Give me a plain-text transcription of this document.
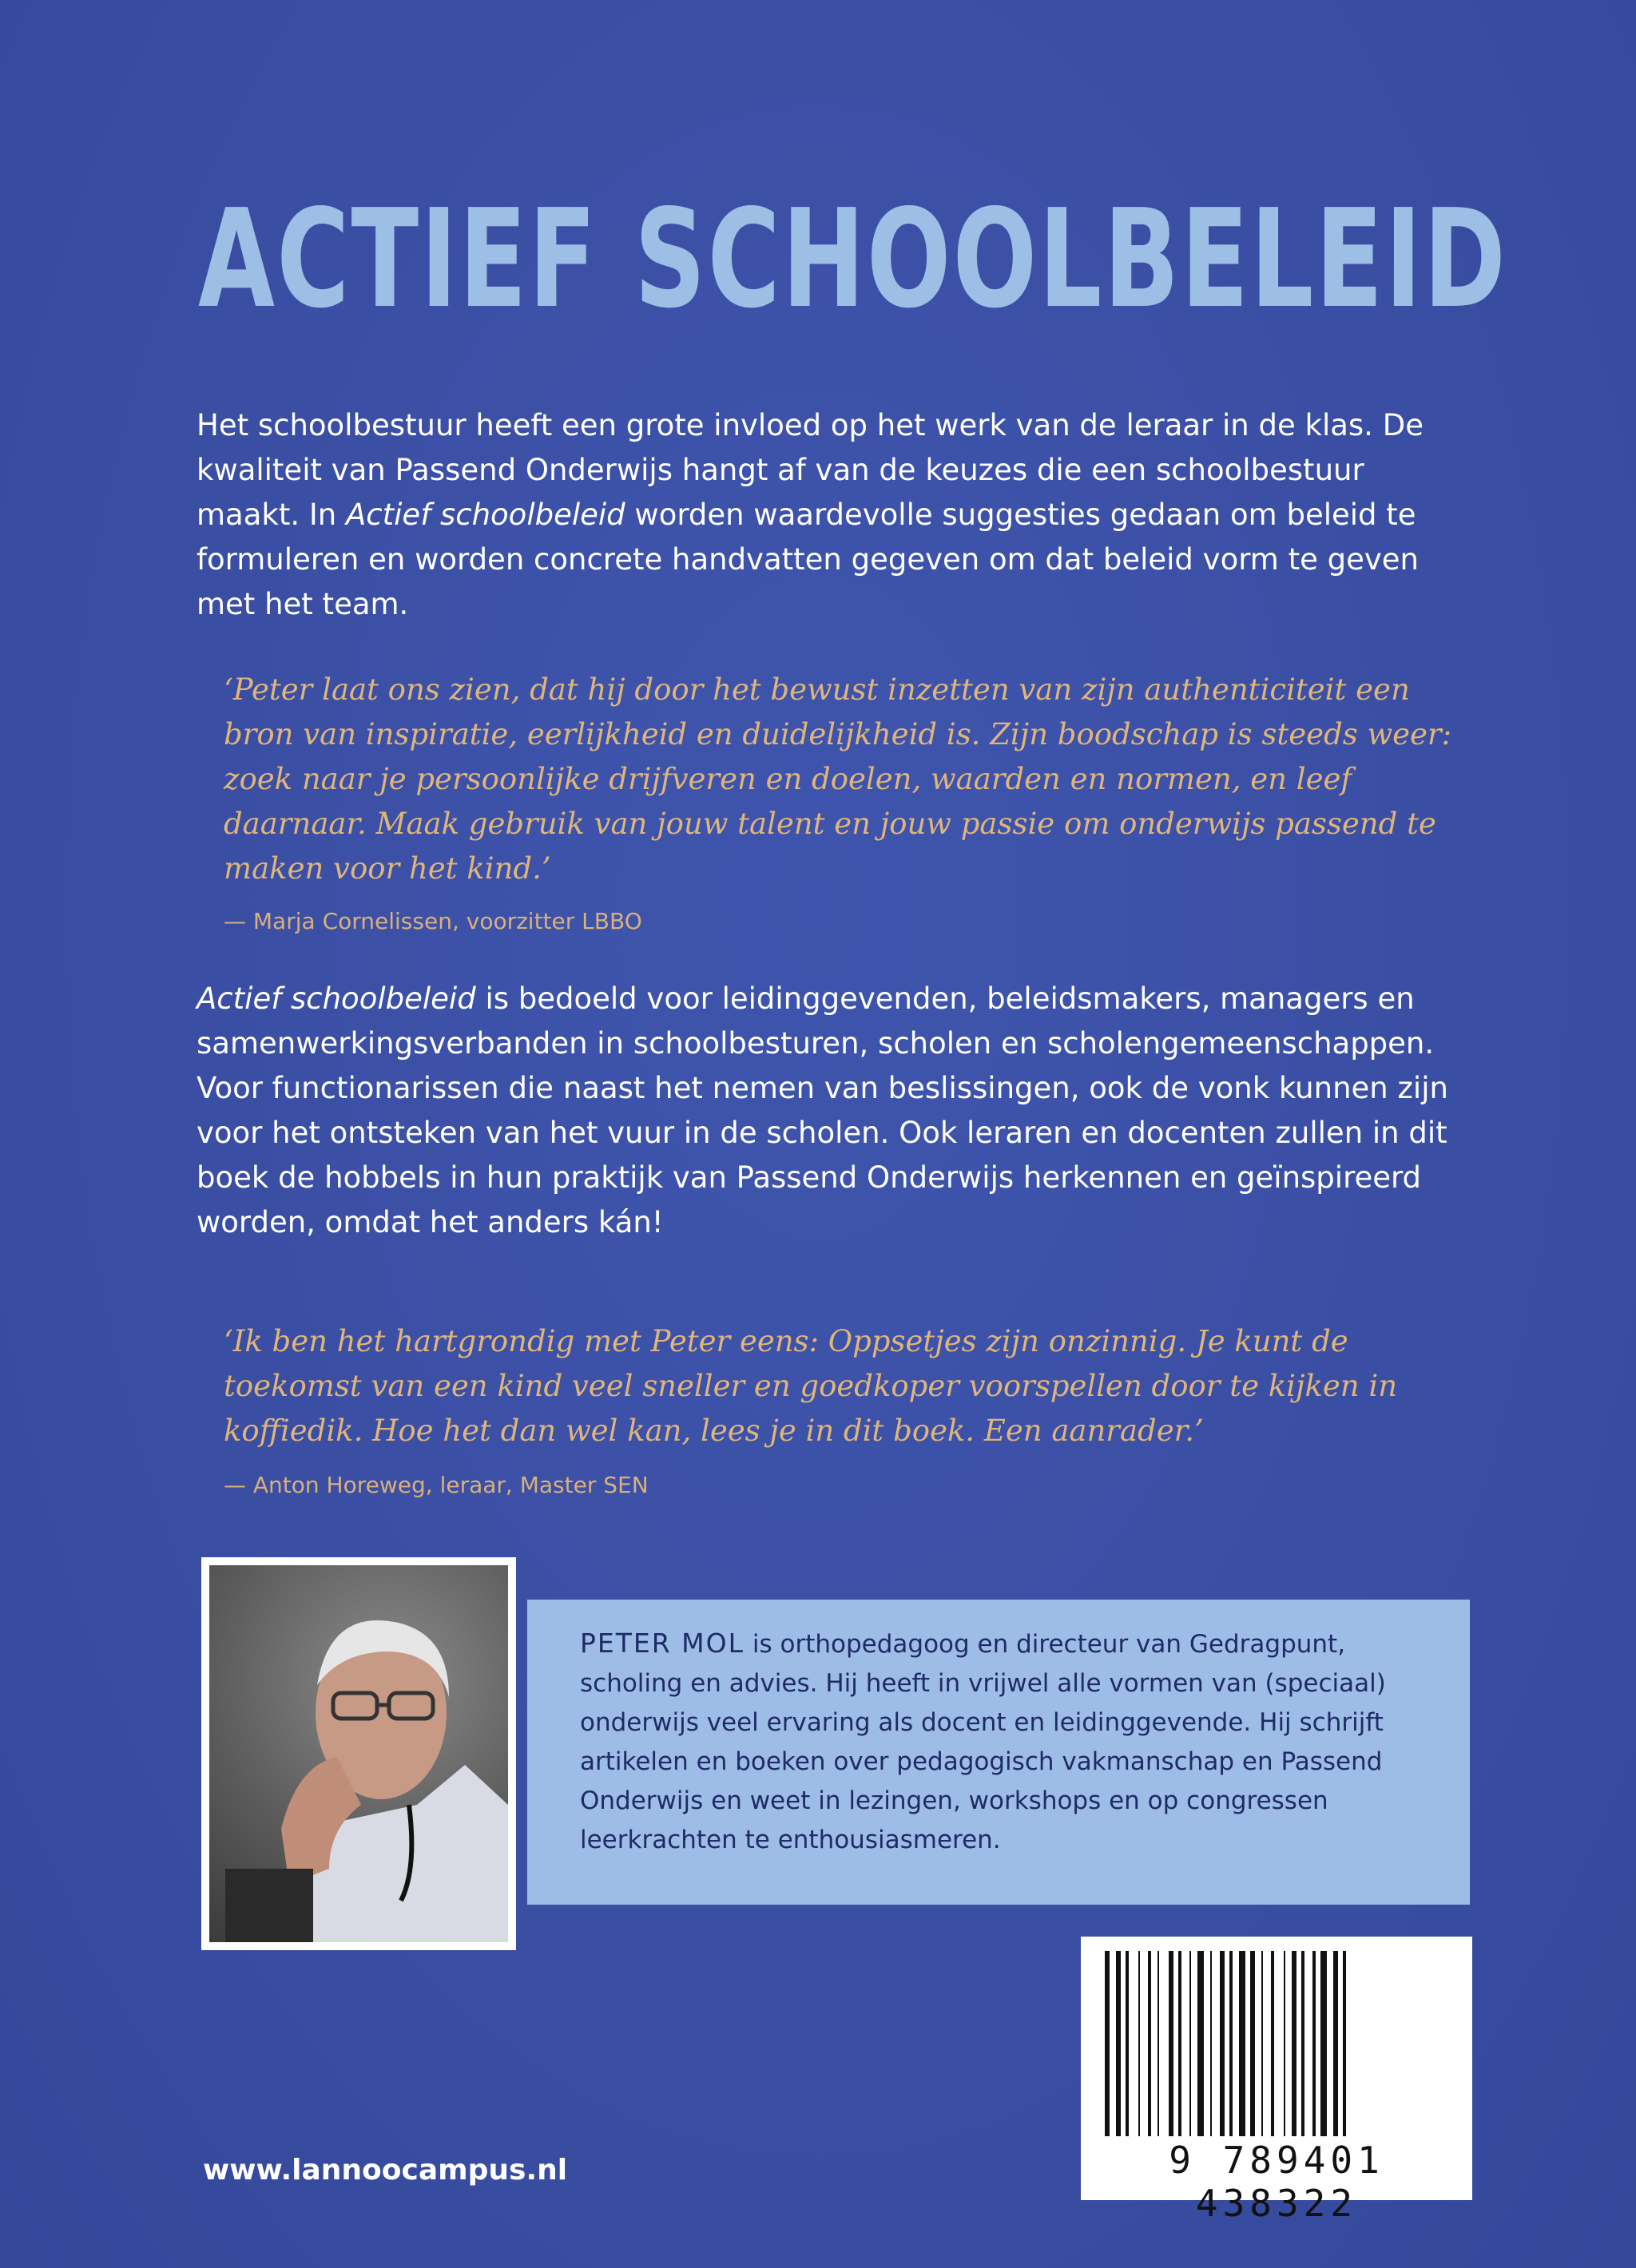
ACTIEF SCHOOLBELEID

Het schoolbestuur heeft een grote invloed op het werk van de leraar in de klas. De kwaliteit van Passend Onderwijs hangt af van de keuzes die een schoolbestuur maakt. In Actief schoolbeleid worden waardevolle suggesties gedaan om beleid te formuleren en worden concrete handvatten gegeven om dat beleid vorm te geven met het team.

‘Peter laat ons zien, dat hij door het bewust inzetten van zijn authenticiteit een bron van inspiratie, eerlijkheid en duidelijkheid is. Zijn boodschap is steeds weer: zoek naar je persoonlijke drijfveren en doelen, waarden en normen, en leef daarnaar. Maak gebruik van jouw talent en jouw passie om onderwijs passend te maken voor het kind.’

— Marja Cornelissen, voorzitter LBBO

Actief schoolbeleid is bedoeld voor leidinggevenden, beleidsmakers, managers en samenwerkingsverbanden in schoolbesturen, scholen en scholengemeenschappen. Voor functionarissen die naast het nemen van beslissingen, ook de vonk kunnen zijn voor het ontsteken van het vuur in de scholen. Ook leraren en docenten zullen in dit boek de hobbels in hun praktijk van Passend Onderwijs herkennen en geïnspireerd worden, omdat het anders kán!

‘Ik ben het hartgrondig met Peter eens: Oppsetjes zijn onzinnig. Je kunt de toekomst van een kind veel sneller en goedkoper voorspellen door te kijken in koffiedik. Hoe het dan wel kan, lees je in dit boek. Een aanrader.’

— Anton Horeweg, leraar, Master SEN

PETER MOL is orthopedagoog en directeur van Gedragpunt, scholing en advies. Hij heeft in vrijwel alle vormen van (speciaal) onderwijs veel ervaring als docent en leidinggevende. Hij schrijft artikelen en boeken over pedagogisch vakmanschap en Passend Onderwijs en weet in lezingen, workshops en op congressen leerkrachten te enthousiasmeren.

9 789401 438322
www.lannoocampus.nl
